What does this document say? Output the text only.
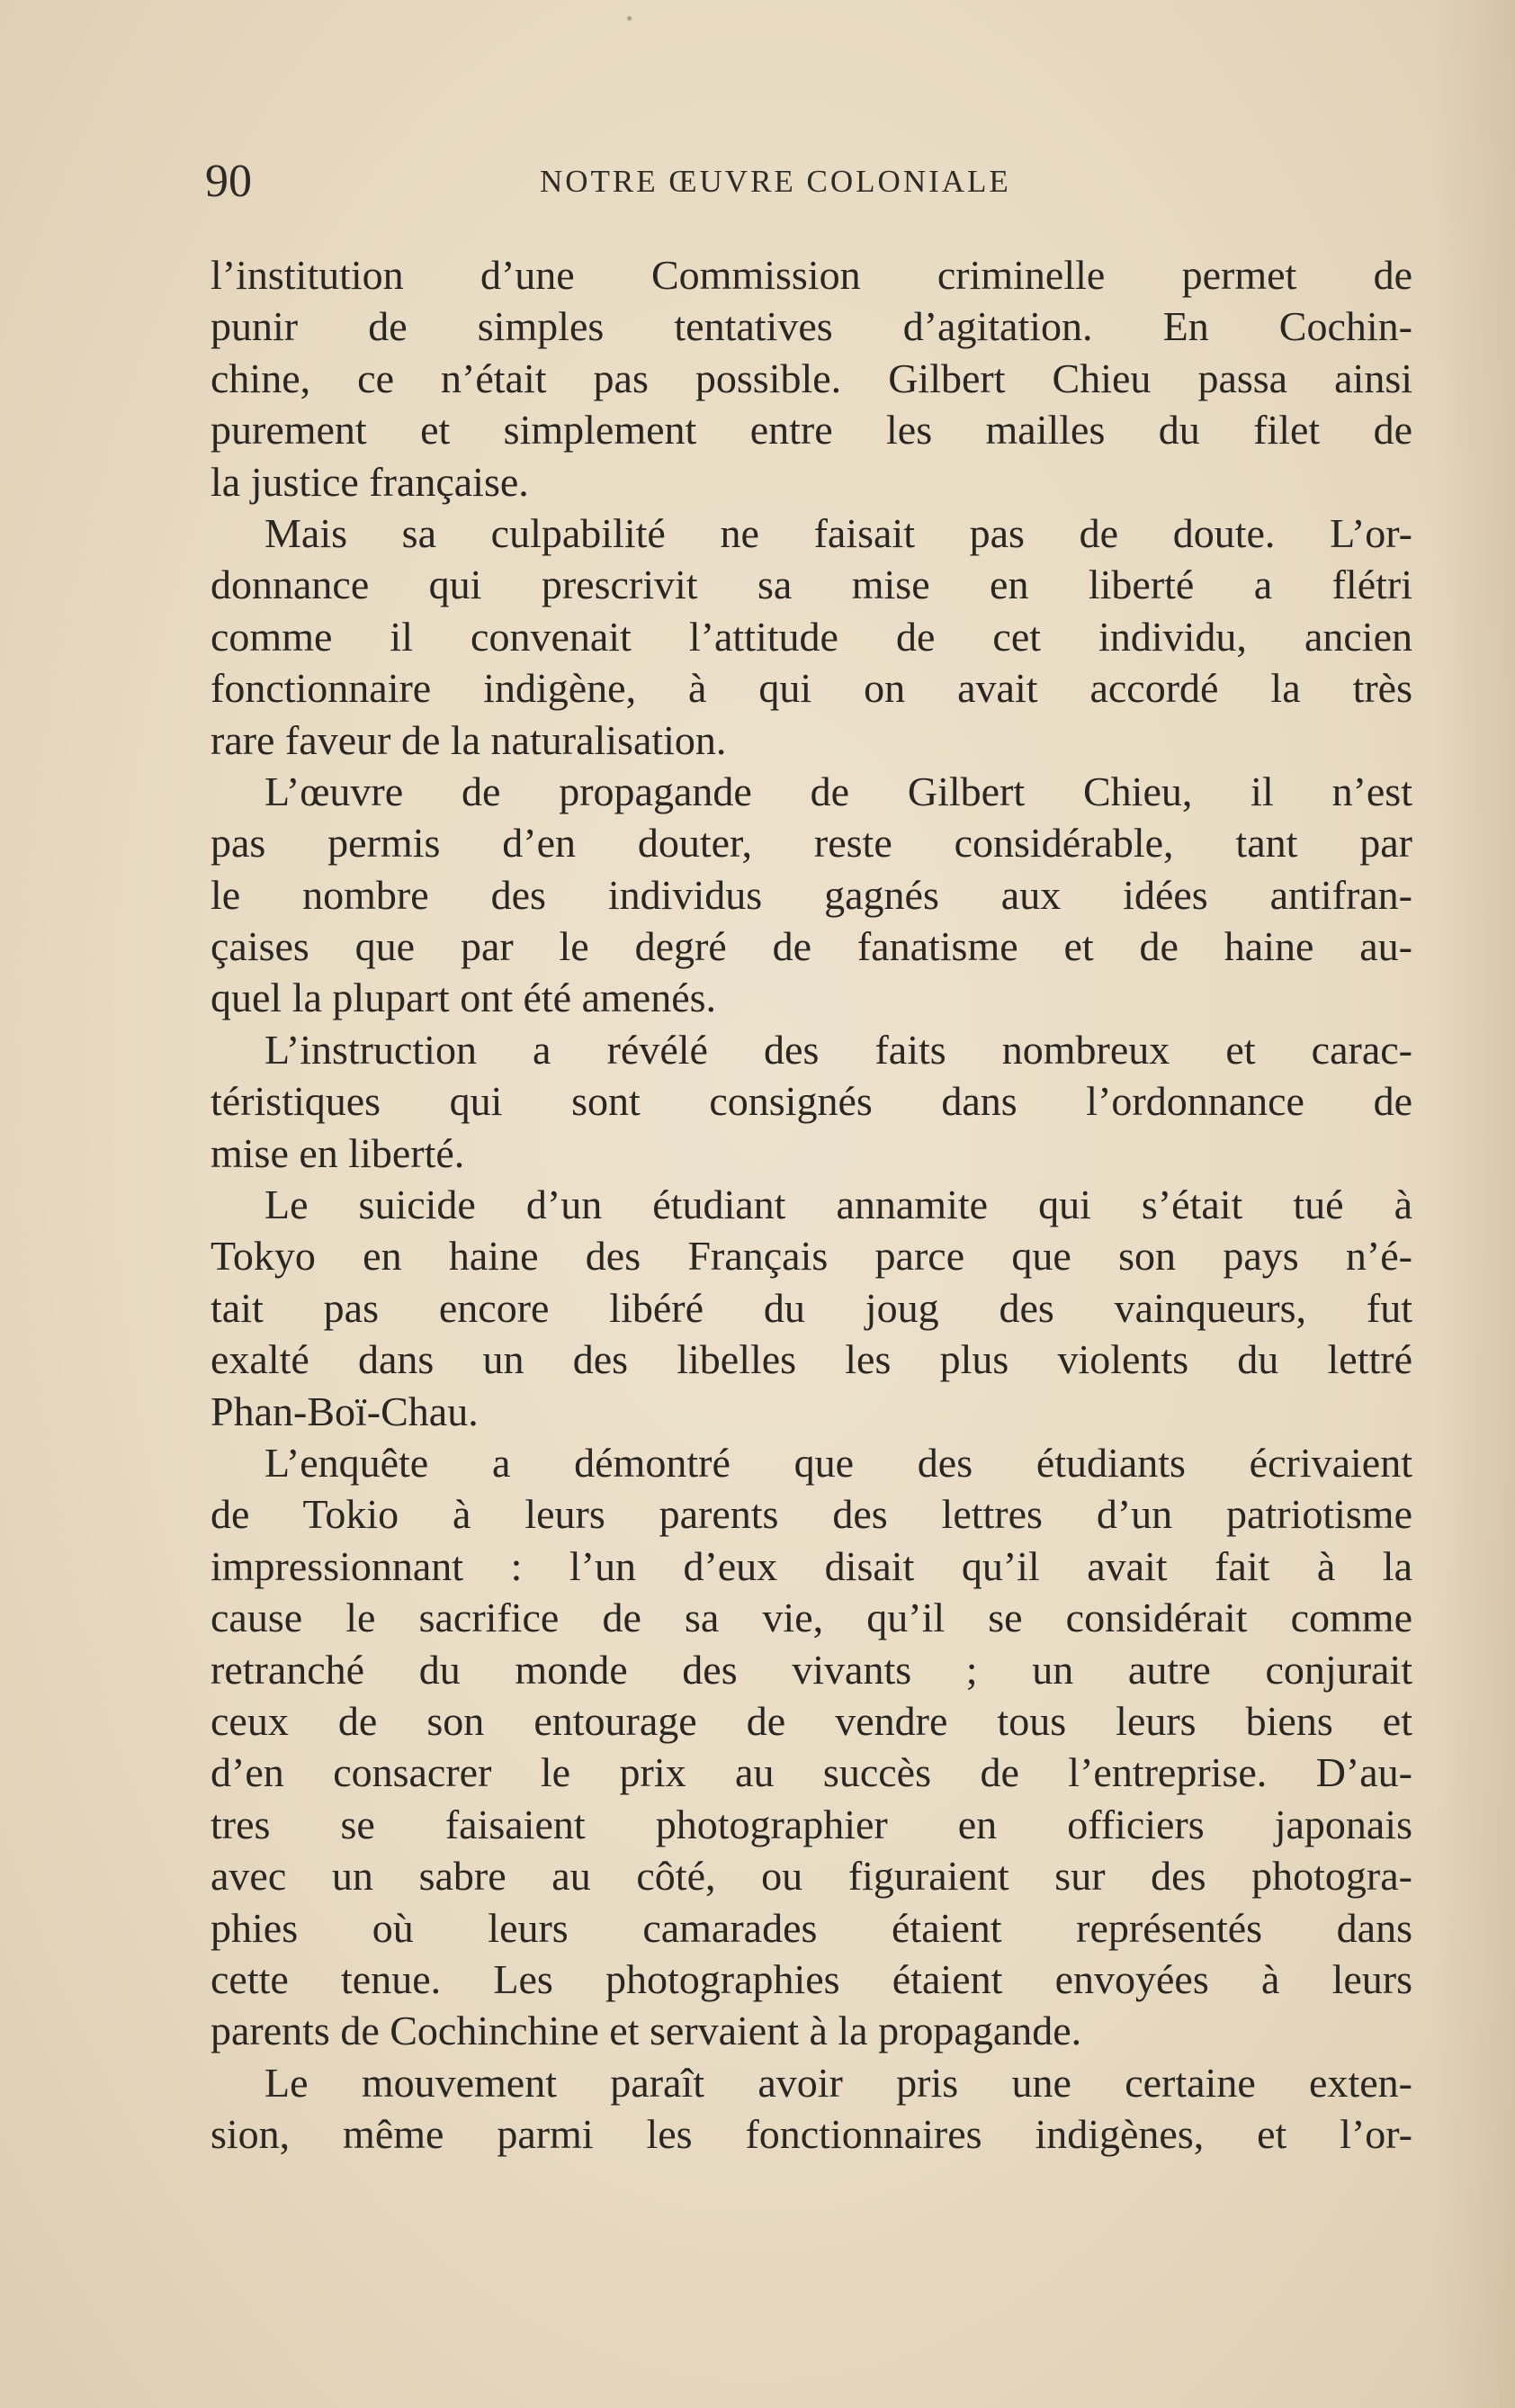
90	NOTRE ŒUVRE COLONIALE
l’institution d’une Commission criminelle permet de
punir de simples tentatives d’agitation. En Cochin-
chine, ce n’était pas possible. Gilbert Chieu passa ainsi
purement et simplement entre les mailles du filet de
la justice française.
Mais sa culpabilité ne faisait pas de doute. L’or-
donnance qui prescrivit sa mise en liberté a flétri
comme il convenait l’attitude de cet individu, ancien
fonctionnaire indigène, à qui on avait accordé la très
rare faveur de la naturalisation.
L’œuvre de propagande de Gilbert Chieu, il n’est
pas permis d’en douter, reste considérable, tant par
le nombre des individus gagnés aux idées antifran-
çaises que par le degré de fanatisme et de haine au-
quel la plupart ont été amenés.
L’instruction a révélé des faits nombreux et carac-
téristiques qui sont consignés dans l’ordonnance de
mise en liberté.
Le suicide d’un étudiant annamite qui s’était tué à
Tokyo en haine des Français parce que son pays n’é-
tait pas encore libéré du joug des vainqueurs, fut
exalté dans un des libelles les plus violents du lettré
Phan-Boï-Chau.
L’enquête a démontré que des étudiants écrivaient
de Tokio à leurs parents des lettres d’un patriotisme
impressionnant : l’un d’eux disait qu’il avait fait à la
cause le sacrifice de sa vie, qu’il se considérait comme
retranché du monde des vivants ; un autre conjurait
ceux de son entourage de vendre tous leurs biens et
d’en consacrer le prix au succès de l’entreprise. D’au-
tres se faisaient photographier en officiers japonais
avec un sabre au côté, ou figuraient sur des photogra-
phies où leurs camarades étaient représentés dans
cette tenue. Les photographies étaient envoyées à leurs
parents de Cochinchine et servaient à la propagande.
Le mouvement paraît avoir pris une certaine exten-
sion, même parmi les fonctionnaires indigènes, et l’or-
